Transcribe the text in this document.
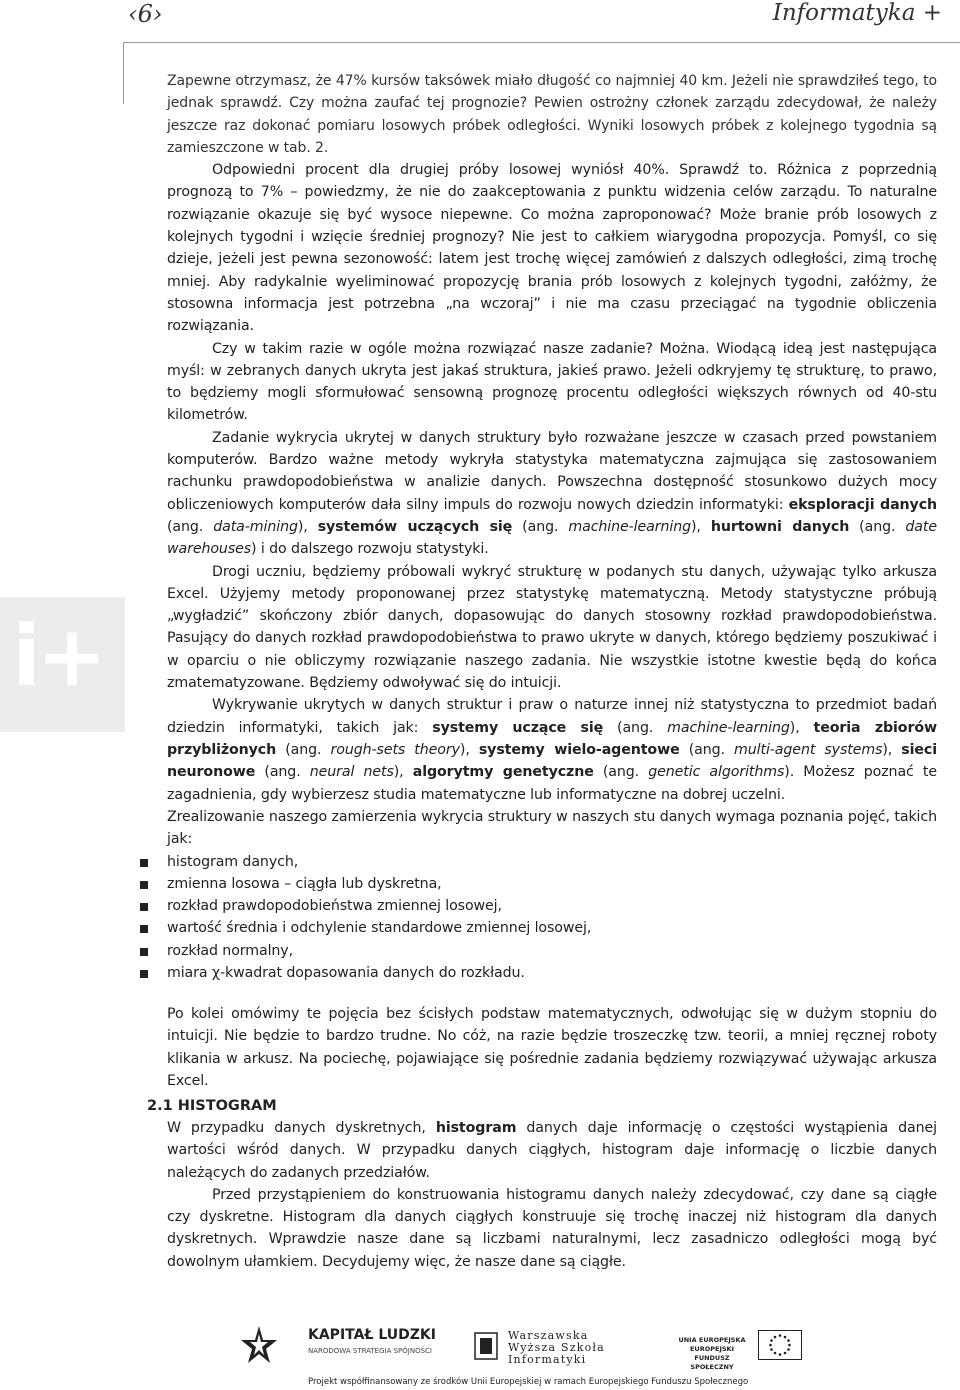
‹6›	Informatyka +
i+

Zapewne otrzymasz, że 47% kursów taksówek miało długość co najmniej 40 km. Jeżeli nie sprawdziłeś tego, to jednak sprawdź. Czy można zaufać tej prognozie? Pewien ostrożny członek zarządu zdecydował, że należy jeszcze raz dokonać pomiaru losowych próbek odległości. Wyniki losowych próbek z kolejnego tygodnia są zamieszczone w tab. 2.

Odpowiedni procent dla drugiej próby losowej wyniósł 40%. Sprawdź to. Różnica z poprzednią prognozą to 7% – powiedzmy, że nie do zaakceptowania z punktu widzenia celów zarządu. To naturalne rozwiązanie okazuje się być wysoce niepewne. Co można zaproponować? Może branie prób losowych z kolejnych tygodni i wzięcie średniej prognozy? Nie jest to całkiem wiarygodna propozycja. Pomyśl, co się dzieje, jeżeli jest pewna sezonowość: latem jest trochę więcej zamówień z dalszych odległości, zimą trochę mniej. Aby radykalnie wyeliminować propozycję brania prób losowych z kolejnych tygodni, załóżmy, że stosowna informacja jest potrzebna „na wczoraj” i nie ma czasu przeciągać na tygodnie obliczenia rozwiązania.

Czy w takim razie w ogóle można rozwiązać nasze zadanie? Można. Wiodącą ideą jest następująca myśl: w zebranych danych ukryta jest jakaś struktura, jakieś prawo. Jeżeli odkryjemy tę strukturę, to prawo, to będziemy mogli sformułować sensowną prognozę procentu odległości większych równych od 40-stu kilometrów.

Zadanie wykrycia ukrytej w danych struktury było rozważane jeszcze w czasach przed powstaniem komputerów. Bardzo ważne metody wykryła statystyka matematyczna zajmująca się zastosowaniem rachunku prawdopodobieństwa w analizie danych. Powszechna dostępność stosunkowo dużych mocy obliczeniowych komputerów dała silny impuls do rozwoju nowych dziedzin informatyki: eksploracji danych (ang. data-mining), systemów uczących się (ang. machine-learning), hurtowni danych (ang. date warehouses) i do dalszego rozwoju statystyki.

Drogi uczniu, będziemy próbowali wykryć strukturę w podanych stu danych, używając tylko arkusza Excel. Użyjemy metody proponowanej przez statystykę matematyczną. Metody statystyczne próbują „wygładzić” skończony zbiór danych, dopasowując do danych stosowny rozkład prawdopodobieństwa. Pasujący do danych rozkład prawdopodobieństwa to prawo ukryte w danych, którego będziemy poszukiwać i w oparciu o nie obliczymy rozwiązanie naszego zadania. Nie wszystkie istotne kwestie będą do końca zmatematyzowane. Będziemy odwoływać się do intuicji.

Wykrywanie ukrytych w danych struktur i praw o naturze innej niż statystyczna to przedmiot badań dziedzin informatyki, takich jak: systemy uczące się (ang. machine-learning), teoria zbiorów przybliżonych (ang. rough-sets theory), systemy wielo-agentowe (ang. multi-agent systems), sieci neuronowe (ang. neural nets), algorytmy genetyczne (ang. genetic algorithms). Możesz poznać te zagadnienia, gdy wybierzesz studia matematyczne lub informatyczne na dobrej uczelni.

Zrealizowanie naszego zamierzenia wykrycia struktury w naszych stu danych wymaga poznania pojęć, takich jak:

histogram danych,
zmienna losowa – ciągła lub dyskretna,
rozkład prawdopodobieństwa zmiennej losowej,
wartość średnia i odchylenie standardowe zmiennej losowej,
rozkład normalny,
miara χ-kwadrat dopasowania danych do rozkładu.

Po kolei omówimy te pojęcia bez ścisłych podstaw matematycznych, odwołując się w dużym stopniu do intuicji. Nie będzie to bardzo trudne. No cóż, na razie będzie troszeczkę tzw. teorii, a mniej ręcznej roboty klikania w arkusz. Na pociechę, pojawiające się pośrednie zadania będziemy rozwiązywać używając arkusza Excel.

2.1 HISTOGRAM

W przypadku danych dyskretnych, histogram danych daje informację o częstości wystąpienia danej wartości wśród danych. W przypadku danych ciągłych, histogram daje informację o liczbie danych należących do zadanych przedziałów.

Przed przystąpieniem do konstruowania histogramu danych należy zdecydować, czy dane są ciągłe czy dyskretne. Histogram dla danych ciągłych konstruuje się trochę inaczej niż histogram dla danych dyskretnych. Wprawdzie nasze dane są liczbami naturalnymi, lecz zasadniczo odległości mogą być dowolnym ułamkiem. Decydujemy więc, że nasze dane są ciągłe.

KAPITAŁ LUDZKI
NARODOWA STRATEGIA SPÓJNOŚCI
Warszawska
Wyższa Szkoła
Informatyki
UNIA EUROPEJSKA
EUROPEJSKI
FUNDUSZ SPOŁECZNY
Projekt współfinansowany ze środków Unii Europejskiej w ramach Europejskiego Funduszu Społecznego
